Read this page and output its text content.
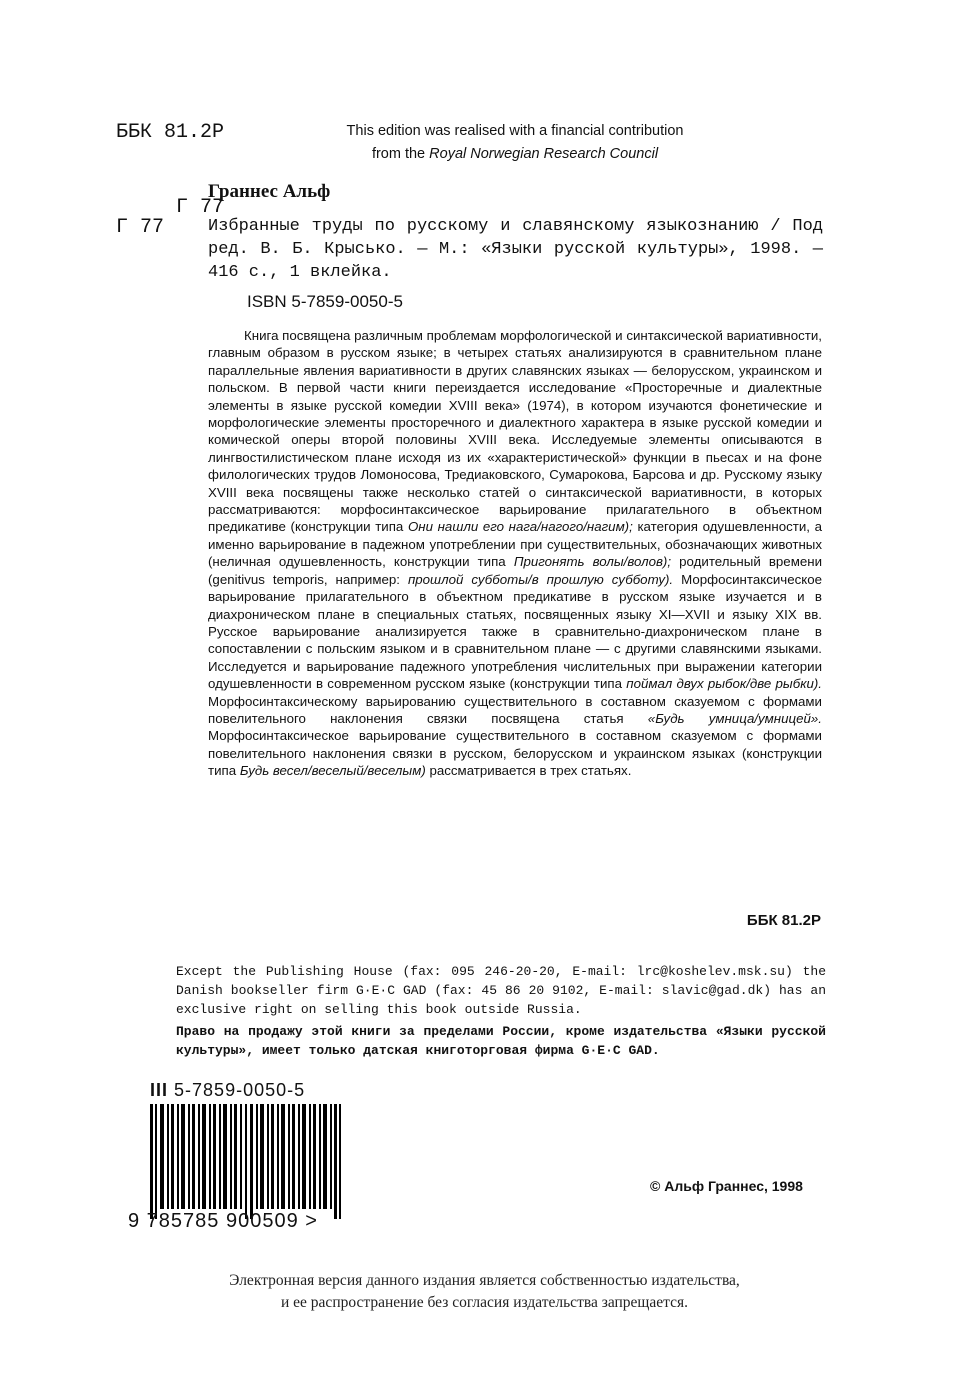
ББК 81.2Р

Г 77

This edition was realised with a financial contribution
from the Royal Norwegian Research Council
Граннес Альф
Г 77	Избранные труды по русскому и славянскому языкознанию / Под ред. В. Б. Крысько. — М.: «Языки русской культуры», 1998. — 416 с., 1 вклейка.
ISBN 5-7859-0050-5

Книга посвящена различным проблемам морфологической и синтаксической вариативности, главным образом в русском языке; в четырех статьях анализируются в сравнительном плане параллельные явления вариативности в других славянских языках — белорусском, украинском и польском. В первой части книги переиздается исследование «Просторечные и диалектные элементы в языке русской комедии XVIII века» (1974), в котором изучаются фонетические и морфологические элементы просторечного и диалектного характера в языке русской комедии и комической оперы второй половины XVIII века. Исследуемые элементы описываются в лингвостилистическом плане исходя из их «характеристической» функции в пьесах и на фоне филологических трудов Ломоносова, Тредиаковского, Сумарокова, Барсова и др. Русскому языку XVIII века посвящены также несколько статей о синтаксической вариативности, в которых рассматриваются: морфосинтаксическое варьирование прилагательного в объектном предикативе (конструкции типа Они нашли его нага/нагого/нагим); категория одушевленности, а именно варьирование в падежном употреблении при существительных, обозначающих животных (неличная одушевленность, конструкции типа Пригонять волы/волов); родительный времени (genitivus temporis, например: прошлой субботы/в прошлую субботу). Морфосинтаксическое варьирование прилагательного в объектном предикативе в русском языке изучается и в диахроническом плане в специальных статьях, посвященных языку XI—XVII и языку XIX вв. Русское варьирование анализируется также в сравнительно-диахроническом плане в сопоставлении с польским языком и в сравнительном плане — с другими славянскими языками. Исследуется и варьирование падежного употребления числительных при выражении категории одушевленности в современном русском языке (конструкции типа поймал двух рыбок/две рыбки). Морфосинтаксическому варьированию существительного в составном сказуемом с формами повелительного наклонения связки посвящена статья «Будь умница/умницей». Морфосинтаксическое варьирование существительного в составном сказуемом с формами повелительного наклонения связки в русском, белорусском и украинском языках (конструкции типа Будь весел/веселый/веселым) рассматривается в трех статьях.

ББК 81.2Р
Except the Publishing House (fax: 095 246-20-20, E-mail: lrc@koshelev.msk.su) the Danish bookseller firm G·E·C GAD (fax: 45 86 20 9102, E-mail: slavic@gad.dk) has an exclusive right on selling this book outside Russia.
Право на продажу этой книги за пределами России, кроме издательства «Языки русской культуры», имеет только датская книготорговая фирма G·E·C GAD.
III 5-7859-0050-5
9 785785 900509 >
© Альф Граннес, 1998
Электронная версия данного издания является собственностью издательства,
и ее распространение без согласия издательства запрещается.
